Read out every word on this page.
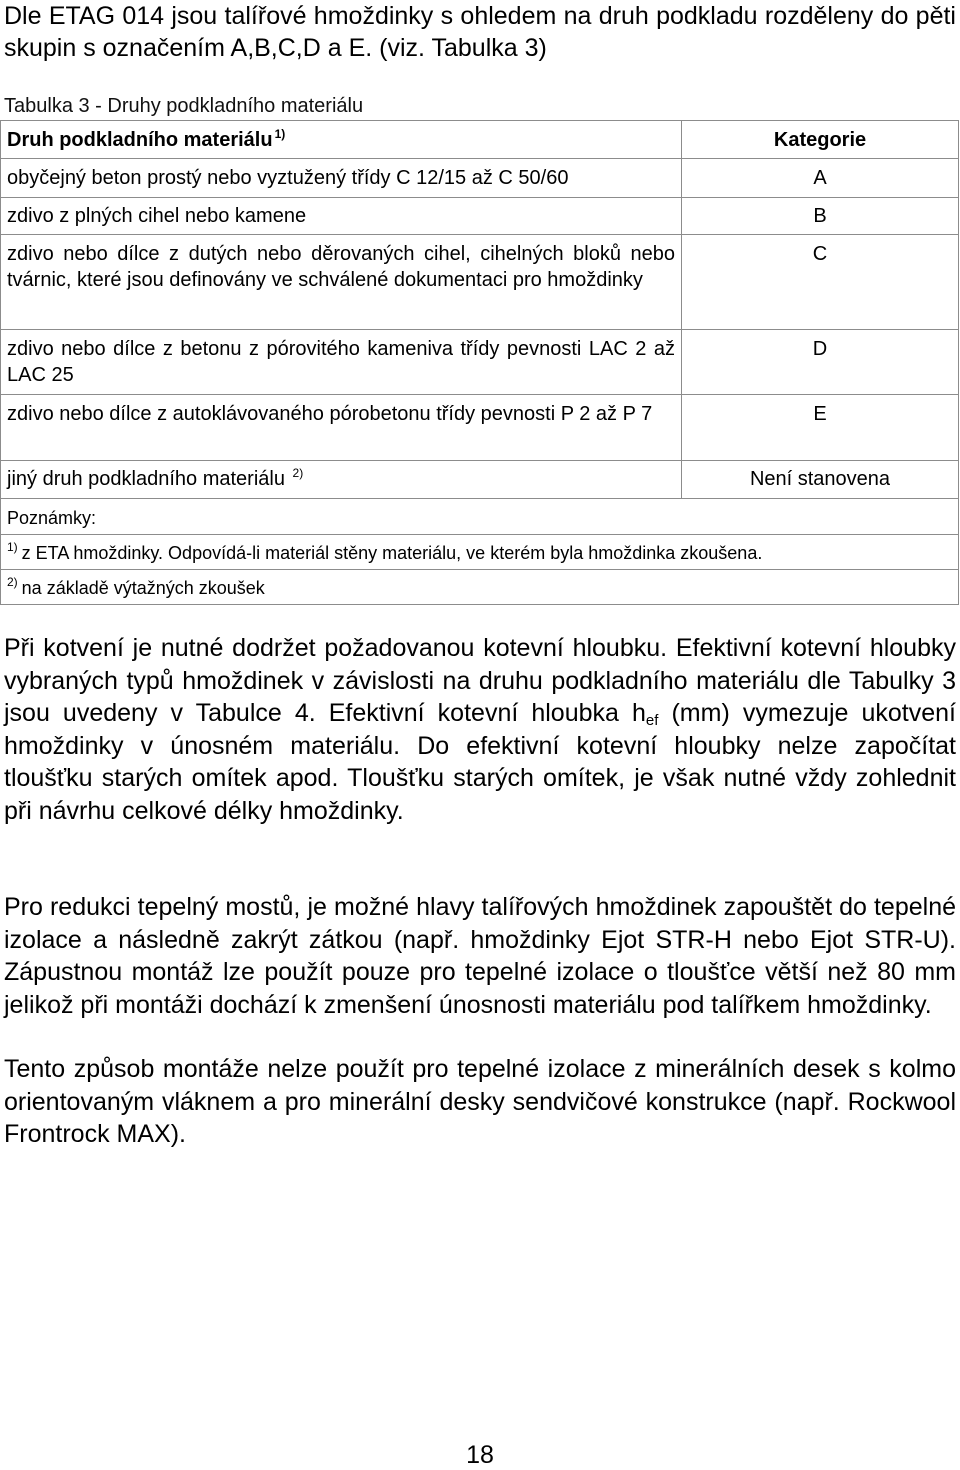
Dle ETAG 014 jsou talířové hmoždinky s ohledem na druh podkladu rozděleny do pěti skupin s označením A,B,C,D a E. (viz. Tabulka 3)
Tabulka 3 - Druhy podkladního materiálu
Druh podkladního materiálu $^{1)}$	Kategorie
obyčejný beton prostý nebo vyztužený třídy C 12/15 až C 50/60	A
zdivo z plných cihel nebo kamene	B
zdivo nebo dílce z dutých nebo děrovaných cihel, cihelných bloků nebo tvárnic, které jsou definovány ve schválené dokumentaci pro hmoždinky	C
zdivo nebo dílce z betonu z pórovitého kameniva třídy pevnosti LAC 2 až LAC 25	D
zdivo nebo dílce z autoklávovaného pórobetonu třídy pevnosti P 2 až P 7	E
jiný druh podkladního materiálu $^{2)}$	Není stanovena
Poznámky:	
$^{1)}$ z ETA hmoždinky. Odpovídá-li materiál stěny materiálu, ve kterém byla hmoždinka zkoušena.	
$^{2)}$ na základě výtažných zkoušek	

Při kotvení je nutné dodržet požadovanou kotevní hloubku. Efektivní kotevní hloubky vybraných typů hmoždinek v závislosti na druhu podkladního materiálu dle Tabulky 3 jsou uvedeny v Tabulce 4. Efektivní kotevní hloubka $h_{ef}$ (mm) vymezuje ukotvení hmoždinky v únosném materiálu. Do efektivní kotevní hloubky nelze započítat tloušťku starých omítek apod. Tloušťku starých omítek, je však nutné vždy zohlednit při návrhu celkové délky hmoždinky.

Pro redukci tepelný mostů, je možné hlavy talířových hmoždinek zapouštět do tepelné izolace a následně zakrýt zátkou (např. hmoždinky Ejot STR-H nebo Ejot STR-U). Zápustnou montáž lze použít pouze pro tepelné izolace o tloušťce větší než 80 mm jelikož při montáži dochází k zmenšení únosnosti materiálu pod talířkem hmoždinky.

Tento způsob montáže nelze použít pro tepelné izolace z minerálních desek s kolmo orientovaným vláknem a pro minerální desky sendvičové konstrukce (např. Rockwool Frontrock MAX).

18
